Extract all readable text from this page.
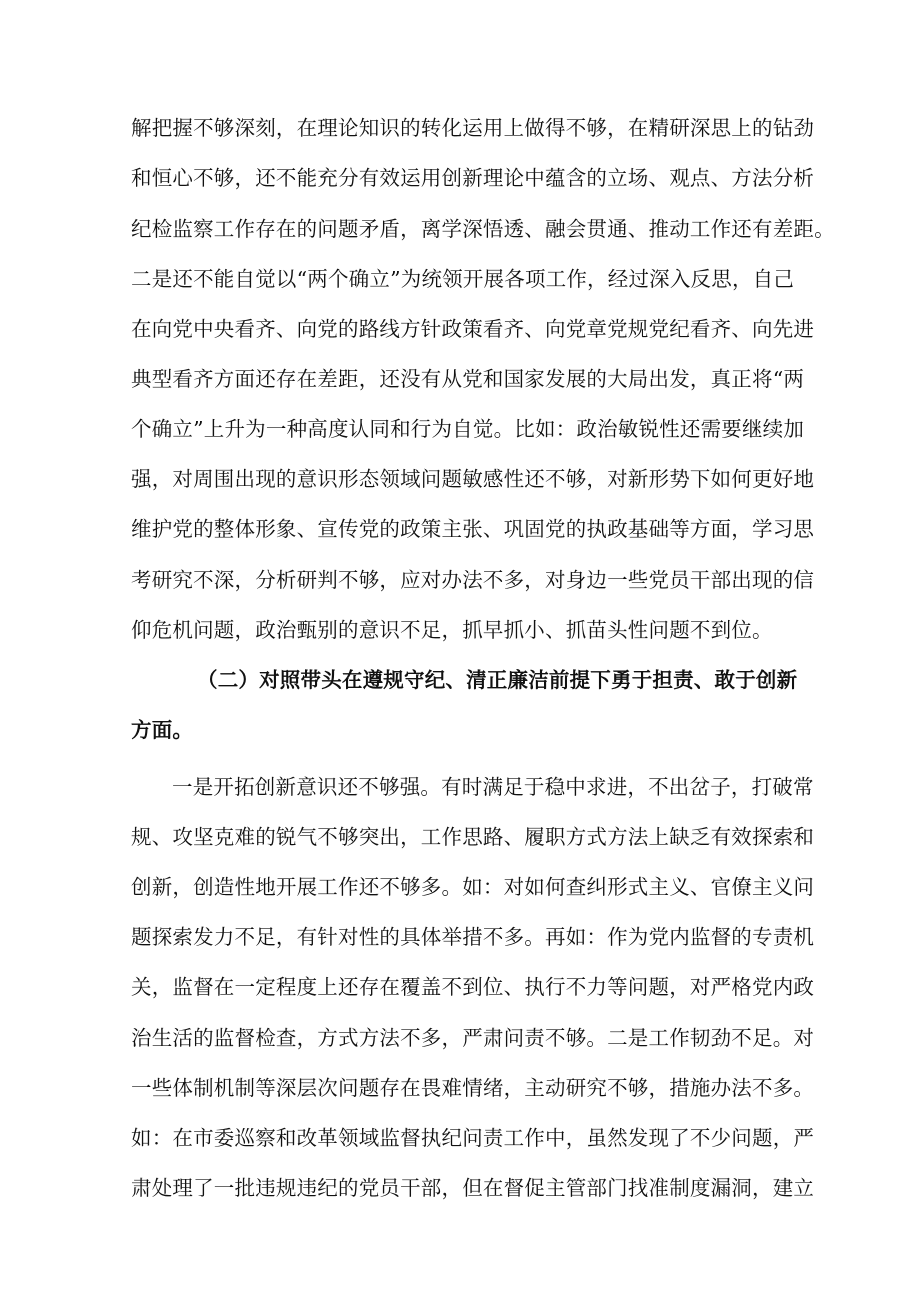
解把握不够深刻，在理论知识的转化运用上做得不够，在精研深思上的钻劲
和恒心不够，还不能充分有效运用创新理论中蕴含的立场、观点、方法分析
纪检监察工作存在的问题矛盾，离学深悟透、融会贯通、推动工作还有差距。
二是还不能自觉以“两个确立”为统领开展各项工作，经过深入反思，自己
在向党中央看齐、向党的路线方针政策看齐、向党章党规党纪看齐、向先进
典型看齐方面还存在差距，还没有从党和国家发展的大局出发，真正将“两
个确立”上升为一种高度认同和行为自觉。比如：政治敏锐性还需要继续加
强，对周围出现的意识形态领域问题敏感性还不够，对新形势下如何更好地
维护党的整体形象、宣传党的政策主张、巩固党的执政基础等方面，学习思
考研究不深，分析研判不够，应对办法不多，对身边一些党员干部出现的信
仰危机问题，政治甄别的意识不足，抓早抓小、抓苗头性问题不到位。
（二）对照带头在遵规守纪、清正廉洁前提下勇于担责、敢于创新
方面。
一是开拓创新意识还不够强。有时满足于稳中求进，不出岔子，打破常
规、攻坚克难的锐气不够突出，工作思路、履职方式方法上缺乏有效探索和
创新，创造性地开展工作还不够多。如：对如何查纠形式主义、官僚主义问
题探索发力不足，有针对性的具体举措不多。再如：作为党内监督的专责机
关，监督在一定程度上还存在覆盖不到位、执行不力等问题，对严格党内政
治生活的监督检查，方式方法不多，严肃问责不够。二是工作韧劲不足。对
一些体制机制等深层次问题存在畏难情绪，主动研究不够，措施办法不多。
如：在市委巡察和改革领域监督执纪问责工作中，虽然发现了不少问题，严
肃处理了一批违规违纪的党员干部，但在督促主管部门找准制度漏洞，建立
